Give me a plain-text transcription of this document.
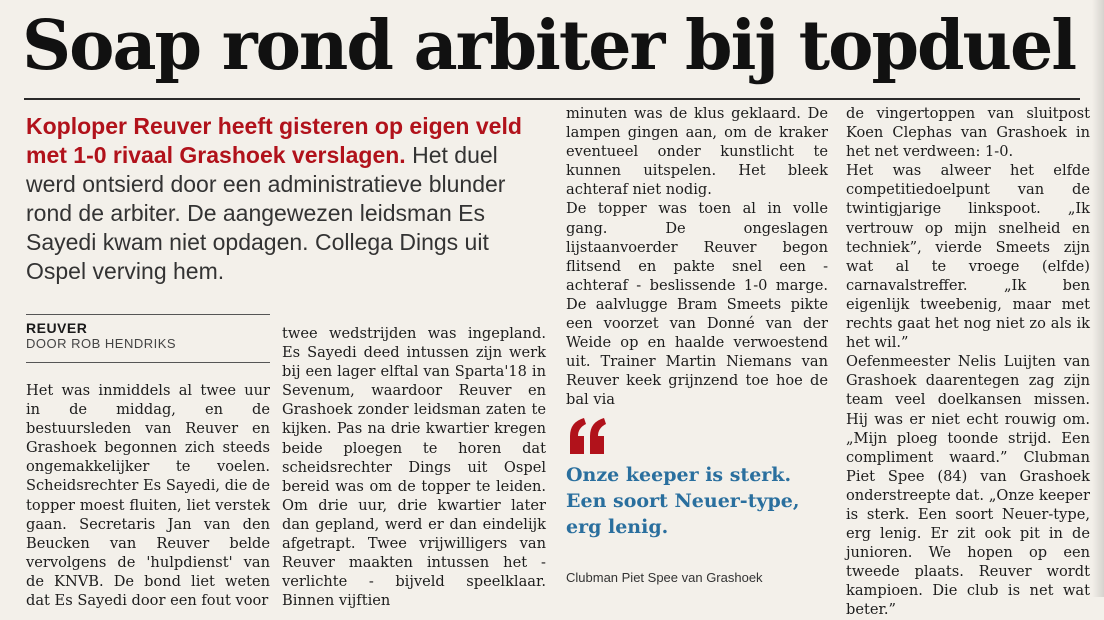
Soap rond arbiter bij topduel

Koploper Reuver heeft gisteren op eigen veld met 1-0 rivaal Grashoek verslagen. Het duel werd ontsierd door een administratieve blunder rond de arbiter. De aangewezen leidsman Es Sayedi kwam niet opdagen. Collega Dings uit Ospel verving hem.

REUVER
DOOR ROB HENDRIKS

Het was inmiddels al twee uur in de middag, en de bestuursleden van Reuver en Grashoek begonnen zich steeds ongemakkelijker te voelen. Scheidsrechter Es Sayedi, die de topper moest fluiten, liet verstek gaan. Secretaris Jan van den Beucken van Reuver belde vervolgens de 'hulpdienst' van de KNVB. De bond liet weten dat Es Sayedi door een fout voor

twee wedstrijden was ingepland. Es Sayedi deed intussen zijn werk bij een lager elftal van Sparta'18 in Sevenum, waardoor Reuver en Grashoek zonder leidsman zaten te kijken. Pas na drie kwartier kregen beide ploegen te horen dat scheidsrechter Dings uit Ospel bereid was om de topper te leiden. Om drie uur, drie kwartier later dan gepland, werd er dan eindelijk afgetrapt. Twee vrijwilligers van Reuver maakten intussen het - verlichte - bijveld speelklaar. Binnen vijftien

minuten was de klus geklaard. De lampen gingen aan, om de kraker eventueel onder kunstlicht te kunnen uitspelen. Het bleek achteraf niet nodig.

De topper was toen al in volle gang. De ongeslagen lijstaanvoerder Reuver begon flitsend en pakte snel een - achteraf - beslissende 1-0 marge. De aalvlugge Bram Smeets pikte een voorzet van Donné van der Weide op en haalde verwoestend uit. Trainer Martin Niemans van Reuver keek grijnzend toe hoe de bal via

Onze keeper is sterk. Een soort Neuer-type, erg lenig.

Clubman Piet Spee van Grashoek

de vingertoppen van sluitpost Koen Clephas van Grashoek in het net verdween: 1-0.

Het was alweer het elfde competitiedoelpunt van de twintigjarige linkspoot. „Ik vertrouw op mijn snelheid en techniek”, vierde Smeets zijn wat al te vroege (elfde) carnavalstreffer. „Ik ben eigenlijk tweebenig, maar met rechts gaat het nog niet zo als ik het wil.”

Oefenmeester Nelis Luijten van Grashoek daarentegen zag zijn team veel doelkansen missen. Hij was er niet echt rouwig om. „Mijn ploeg toonde strijd. Een compliment waard.” Clubman Piet Spee (84) van Grashoek onderstreepte dat. „Onze keeper is sterk. Een soort Neuer-type, erg lenig. Er zit ook pit in de junioren. We hopen op een tweede plaats. Reuver wordt kampioen. Die club is net wat beter.”
